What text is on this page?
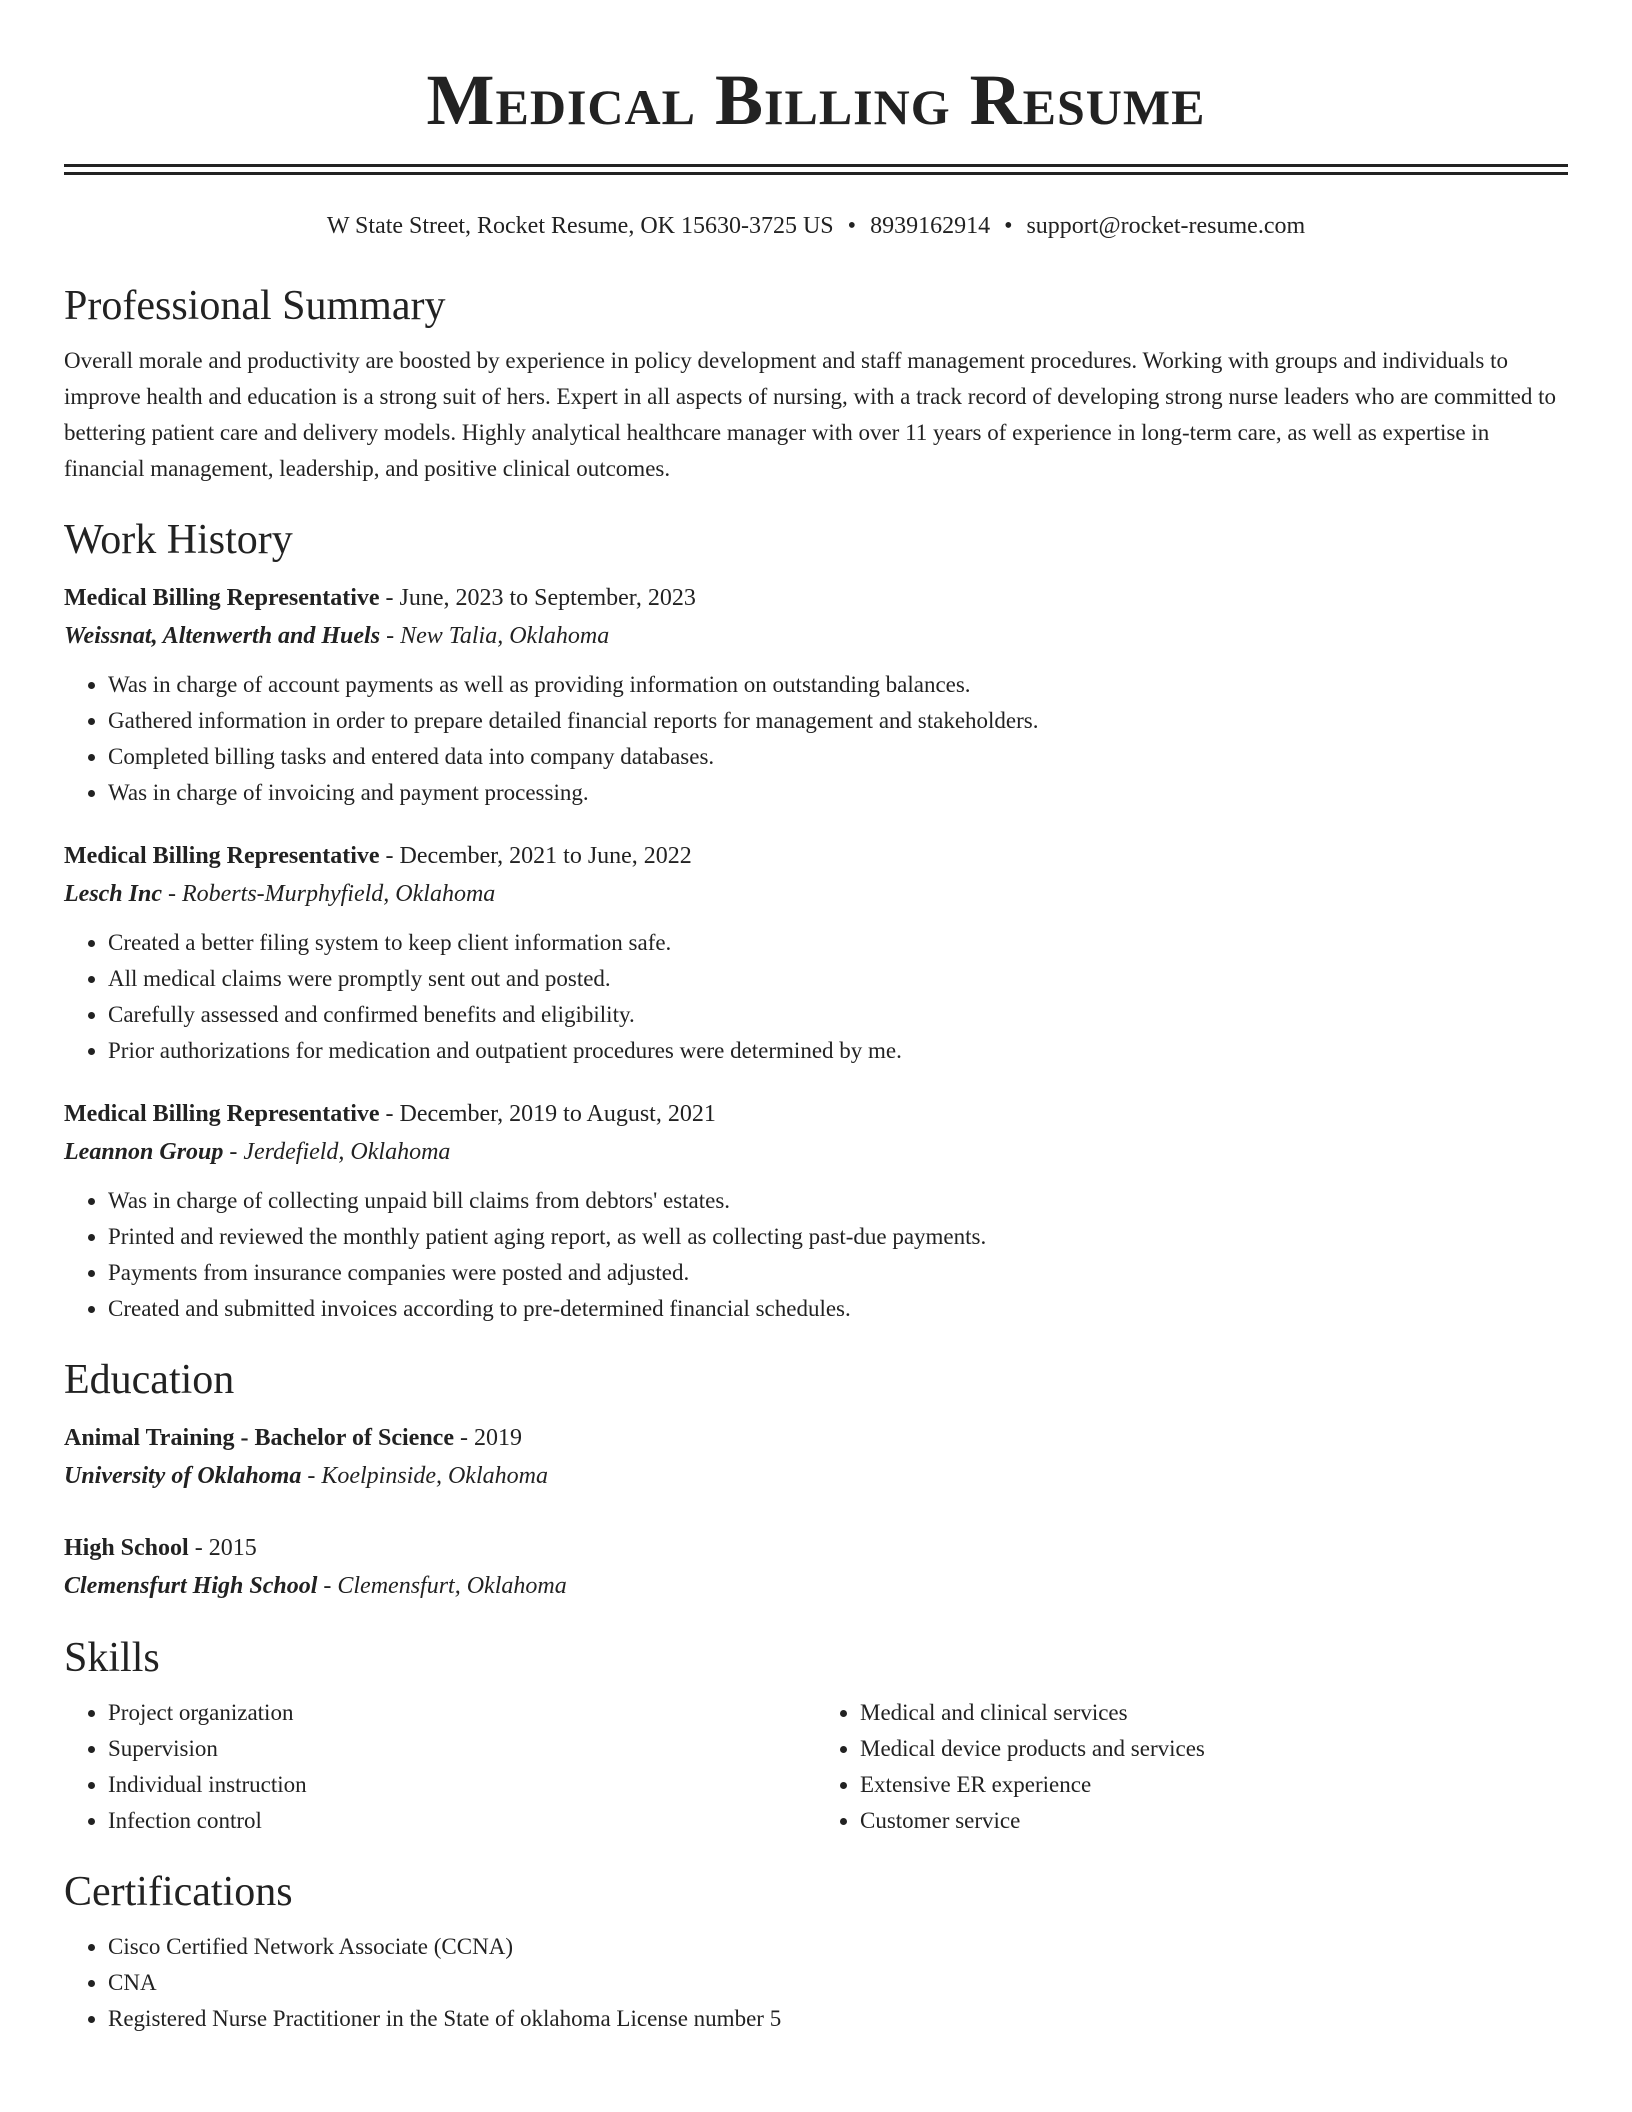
Medical Billing Resume
W State Street, Rocket Resume, OK 15630-3725 US • 8939162914 • support@rocket-resume.com
Professional Summary
Overall morale and productivity are boosted by experience in policy development and staff management procedures. Working with groups and individuals to improve health and education is a strong suit of hers. Expert in all aspects of nursing, with a track record of developing strong nurse leaders who are committed to bettering patient care and delivery models. Highly analytical healthcare manager with over 11 years of experience in long-term care, as well as expertise in financial management, leadership, and positive clinical outcomes.
Work History
Medical Billing Representative - June, 2023 to September, 2023
Weissnat, Altenwerth and Huels - New Talia, Oklahoma
• Was in charge of account payments as well as providing information on outstanding balances.
• Gathered information in order to prepare detailed financial reports for management and stakeholders.
• Completed billing tasks and entered data into company databases.
• Was in charge of invoicing and payment processing.
Medical Billing Representative - December, 2021 to June, 2022
Lesch Inc - Roberts-Murphyfield, Oklahoma
• Created a better filing system to keep client information safe.
• All medical claims were promptly sent out and posted.
• Carefully assessed and confirmed benefits and eligibility.
• Prior authorizations for medication and outpatient procedures were determined by me.
Medical Billing Representative - December, 2019 to August, 2021
Leannon Group - Jerdefield, Oklahoma
• Was in charge of collecting unpaid bill claims from debtors' estates.
• Printed and reviewed the monthly patient aging report, as well as collecting past-due payments.
• Payments from insurance companies were posted and adjusted.
• Created and submitted invoices according to pre-determined financial schedules.
Education
Animal Training - Bachelor of Science - 2019
University of Oklahoma - Koelpinside, Oklahoma
High School - 2015
Clemensfurt High School - Clemensfurt, Oklahoma
Skills
• Project organization
• Supervision
• Individual instruction
• Infection control
• Medical and clinical services
• Medical device products and services
• Extensive ER experience
• Customer service
Certifications
• Cisco Certified Network Associate (CCNA)
• CNA
• Registered Nurse Practitioner in the State of oklahoma License number 5
